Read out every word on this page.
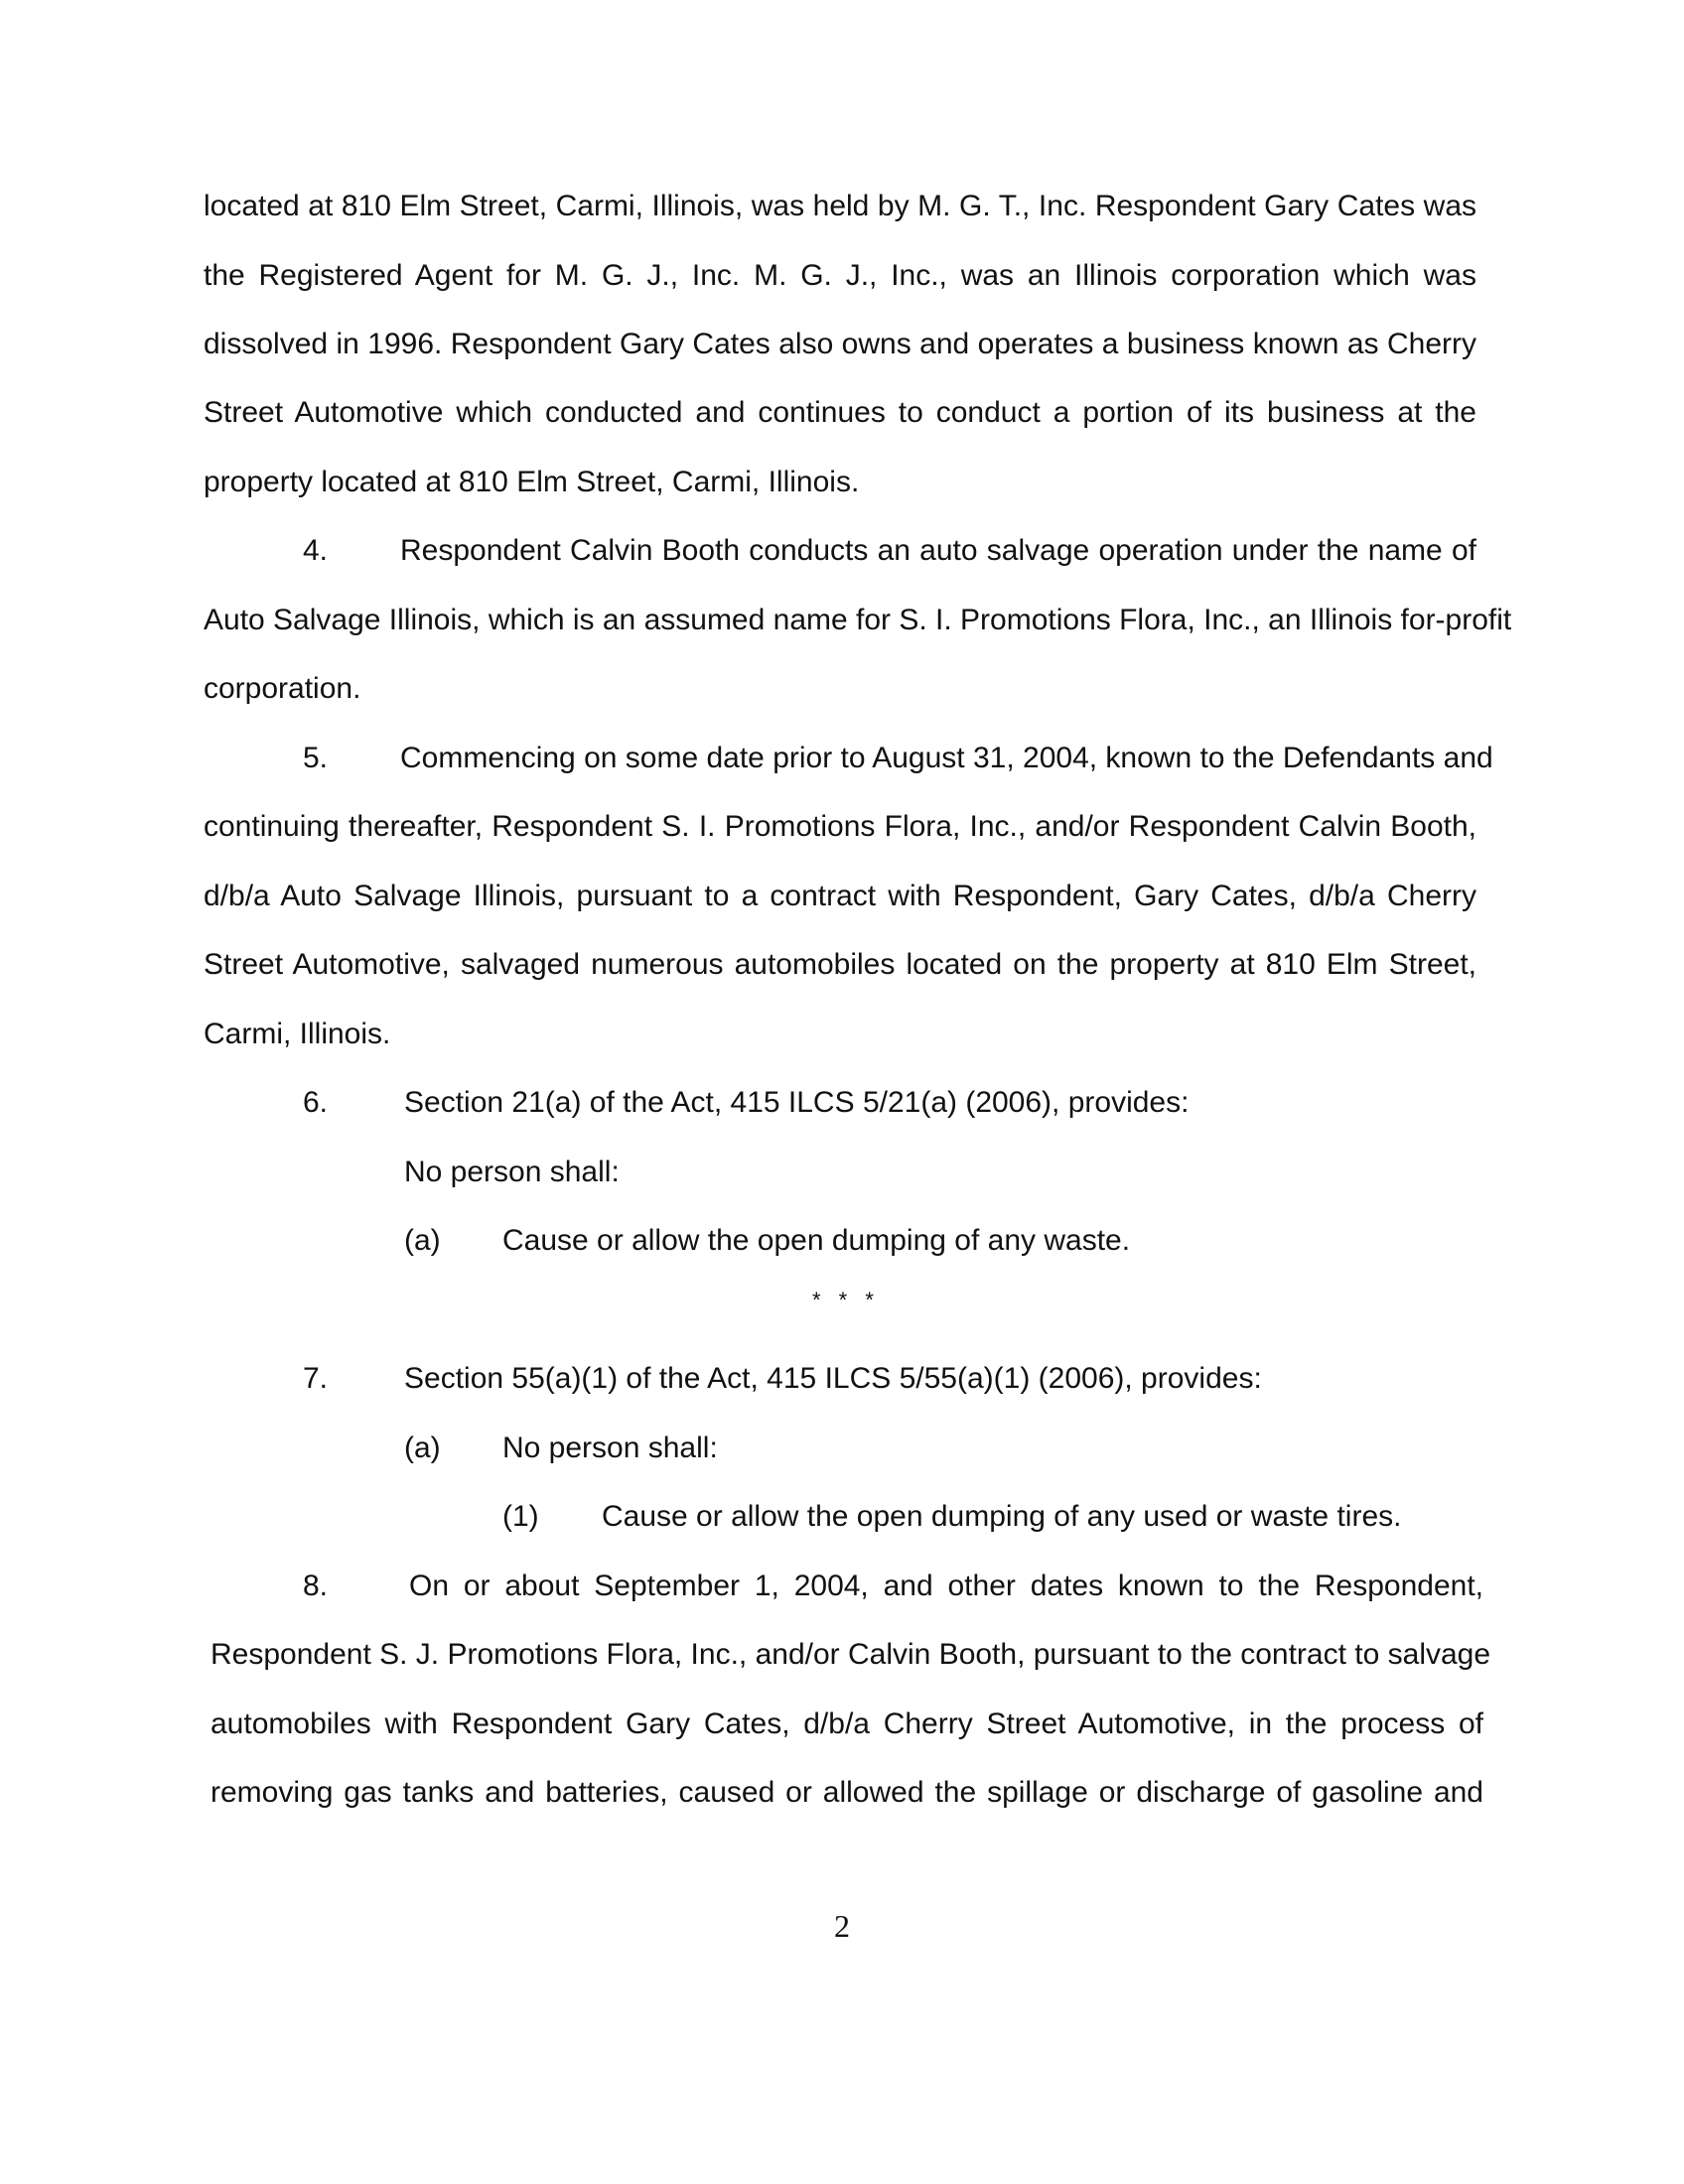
located at 810 Elm Street, Carmi, Illinois, was held by M. G. T., Inc. Respondent Gary Cates was
the Registered Agent for M. G. J., Inc. M. G. J., Inc., was an Illinois corporation which was
dissolved in 1996. Respondent Gary Cates also owns and operates a business known as Cherry
Street Automotive which conducted and continues to conduct a portion of its business at the
property located at 810 Elm Street, Carmi, Illinois.
4. Respondent Calvin Booth conducts an auto salvage operation under the name of
Auto Salvage Illinois, which is an assumed name for S. I. Promotions Flora, Inc., an Illinois for-profit
corporation.
5. Commencing on some date prior to August 31, 2004, known to the Defendants and
continuing thereafter, Respondent S. I. Promotions Flora, Inc., and/or Respondent Calvin Booth,
d/b/a Auto Salvage Illinois, pursuant to a contract with Respondent, Gary Cates, d/b/a Cherry
Street Automotive, salvaged numerous automobiles located on the property at 810 Elm Street,
Carmi, Illinois.
6.	Section 21(a) of the Act, 415 ILCS 5/21(a) (2006), provides:
No person shall:
(a) Cause or allow the open dumping of any waste.
* * *
7.	Section 55(a)(1) of the Act, 415 ILCS 5/55(a)(1) (2006), provides:
(a) No person shall:
(1) Cause or allow the open dumping of any used or waste tires.
8.	On or about September 1, 2004, and other dates known to the Respondent,
Respondent S. J. Promotions Flora, Inc., and/or Calvin Booth, pursuant to the contract to salvage
automobiles with Respondent Gary Cates, d/b/a Cherry Street Automotive, in the process of
removing gas tanks and batteries, caused or allowed the spillage or discharge of gasoline and
2
